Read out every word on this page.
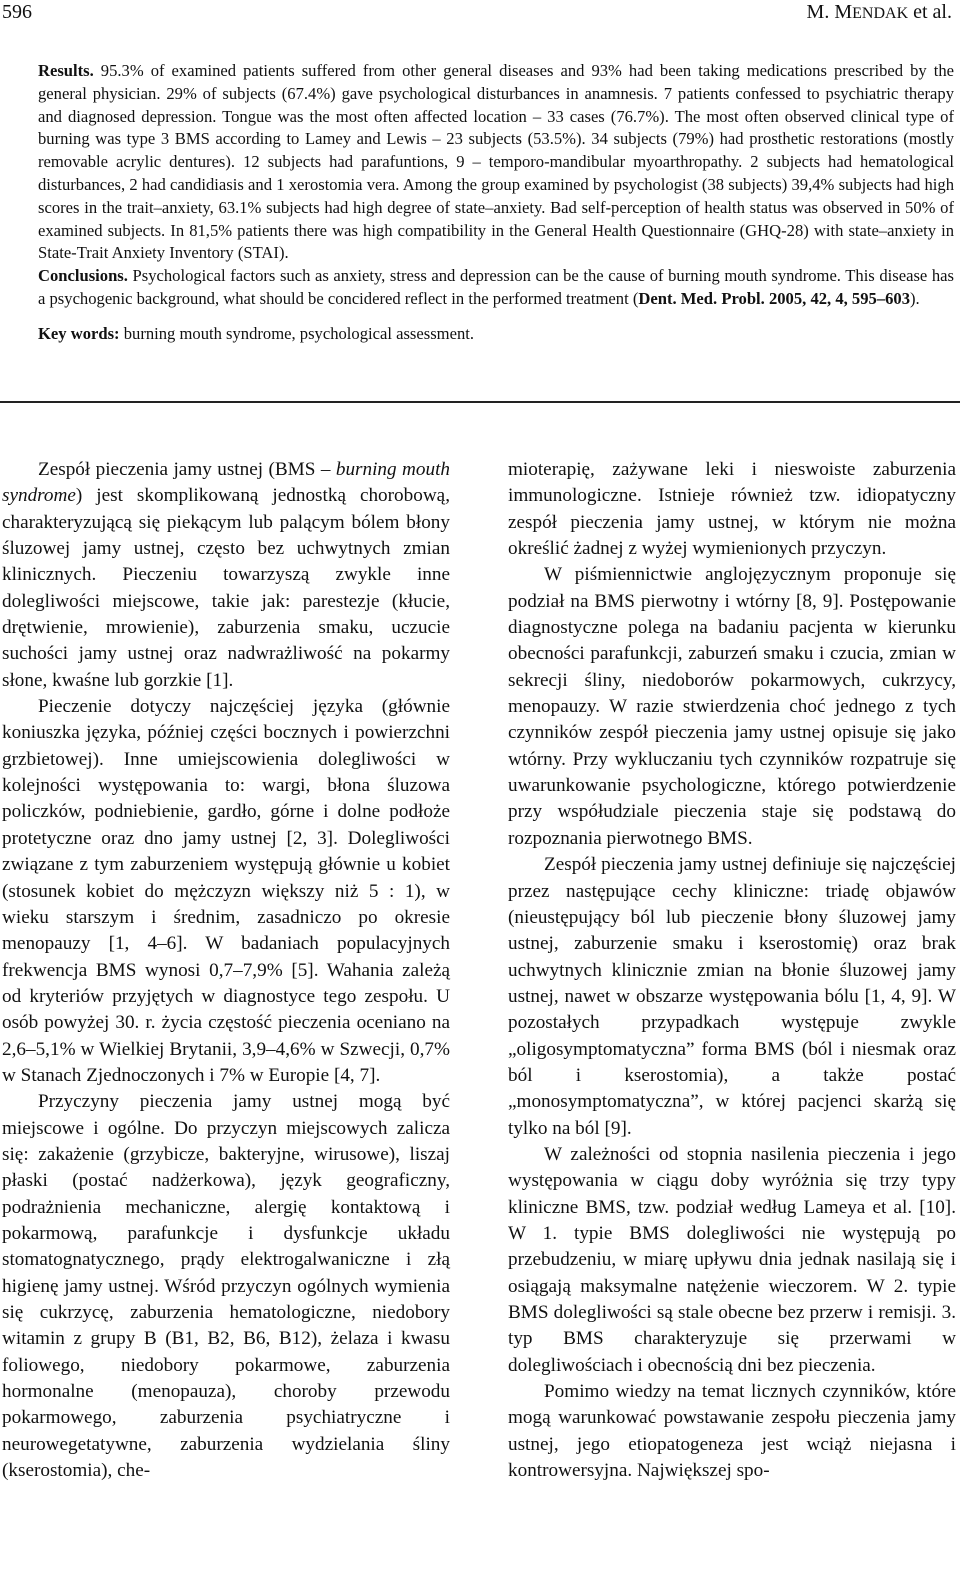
596	M. MENDAK et al.

Results. 95.3% of examined patients suffered from other general diseases and 93% had been taking medications prescribed by the general physician. 29% of subjects (67.4%) gave psychological disturbances in anamnesis. 7 patients confessed to psychiatric therapy and diagnosed depression. Tongue was the most often affected location – 33 cases (76.7%). The most often observed clinical type of burning was type 3 BMS according to Lamey and Lewis – 23 subjects (53.5%). 34 subjects (79%) had prosthetic restorations (mostly removable acrylic dentures). 12 subjects had parafuntions, 9 – temporo-mandibular myoarthropathy. 2 subjects had hematological disturbances, 2 had candidiasis and 1 xerostomia vera. Among the group examined by psychologist (38 subjects) 39,4% subjects had high scores in the trait–anxiety, 63.1% subjects had high degree of state–anxiety. Bad self-perception of health status was observed in 50% of examined subjects. In 81,5% patients there was high compatibility in the General Health Questionnaire (GHQ-28) with state–anxiety in State-Trait Anxiety Inventory (STAI).

Conclusions. Psychological factors such as anxiety, stress and depression can be the cause of burning mouth syndrome. This disease has a psychogenic background, what should be concidered reflect in the performed treatment (Dent. Med. Probl. 2005, 42, 4, 595–603).

Key words: burning mouth syndrome, psychological assessment.

Zespół pieczenia jamy ustnej (BMS – burning mouth syndrome) jest skomplikowaną jednostką chorobową, charakteryzującą się piekącym lub palącym bólem błony śluzowej jamy ustnej, często bez uchwytnych zmian klinicznych. Pieczeniu towarzyszą zwykle inne dolegliwości miejscowe, takie jak: parestezje (kłucie, drętwienie, mrowienie), zaburzenia smaku, uczucie suchości jamy ustnej oraz nadwrażliwość na pokarmy słone, kwaśne lub gorzkie [1].

Pieczenie dotyczy najczęściej języka (głównie koniuszka języka, później części bocznych i powierzchni grzbietowej). Inne umiejscowienia dolegliwości w kolejności występowania to: wargi, błona śluzowa policzków, podniebienie, gardło, górne i dolne podłoże protetyczne oraz dno jamy ustnej [2, 3]. Dolegliwości związane z tym zaburzeniem występują głównie u kobiet (stosunek kobiet do mężczyzn większy niż 5 : 1), w wieku starszym i średnim, zasadniczo po okresie menopauzy [1, 4–6]. W badaniach populacyjnych frekwencja BMS wynosi 0,7–7,9% [5]. Wahania zależą od kryteriów przyjętych w diagnostyce tego zespołu. U osób powyżej 30. r. życia częstość pieczenia oceniano na 2,6–5,1% w Wielkiej Brytanii, 3,9–4,6% w Szwecji, 0,7% w Stanach Zjednoczonych i 7% w Europie [4, 7].

Przyczyny pieczenia jamy ustnej mogą być miejscowe i ogólne. Do przyczyn miejscowych zalicza się: zakażenie (grzybicze, bakteryjne, wirusowe), liszaj płaski (postać nadżerkowa), język geograficzny, podrażnienia mechaniczne, alergię kontaktową i pokarmową, parafunkcje i dysfunkcje układu stomatognatycznego, prądy elektrogalwaniczne i złą higienę jamy ustnej. Wśród przyczyn ogólnych wymienia się cukrzycę, zaburzenia hematologiczne, niedobory witamin z grupy B (B1, B2, B6, B12), żelaza i kwasu foliowego, niedobory pokarmowe, zaburzenia hormonalne (menopauza), choroby przewodu pokarmowego, zaburzenia psychiatryczne i neurowegetatywne, zaburzenia wydzielania śliny (kserostomia), che-

mioterapię, zażywane leki i nieswoiste zaburzenia immunologiczne. Istnieje również tzw. idiopatyczny zespół pieczenia jamy ustnej, w którym nie można określić żadnej z wyżej wymienionych przyczyn.

W piśmiennictwie anglojęzycznym proponuje się podział na BMS pierwotny i wtórny [8, 9]. Postępowanie diagnostyczne polega na badaniu pacjenta w kierunku obecności parafunkcji, zaburzeń smaku i czucia, zmian w sekrecji śliny, niedoborów pokarmowych, cukrzycy, menopauzy. W razie stwierdzenia choć jednego z tych czynników zespół pieczenia jamy ustnej opisuje się jako wtórny. Przy wykluczaniu tych czynników rozpatruje się uwarunkowanie psychologiczne, którego potwierdzenie przy współudziale pieczenia staje się podstawą do rozpoznania pierwotnego BMS.

Zespół pieczenia jamy ustnej definiuje się najczęściej przez następujące cechy kliniczne: triadę objawów (nieustępujący ból lub pieczenie błony śluzowej jamy ustnej, zaburzenie smaku i kserostomię) oraz brak uchwytnych klinicznie zmian na błonie śluzowej jamy ustnej, nawet w obszarze występowania bólu [1, 4, 9]. W pozostałych przypadkach występuje zwykle „oligosymptomatyczna” forma BMS (ból i niesmak oraz ból i kserostomia), a także postać „monosymptomatyczna”, w której pacjenci skarżą się tylko na ból [9].

W zależności od stopnia nasilenia pieczenia i jego występowania w ciągu doby wyróżnia się trzy typy kliniczne BMS, tzw. podział według Lameya et al. [10]. W 1. typie BMS dolegliwości nie występują po przebudzeniu, w miarę upływu dnia jednak nasilają się i osiągają maksymalne natężenie wieczorem. W 2. typie BMS dolegliwości są stale obecne bez przerw i remisji. 3. typ BMS charakteryzuje się przerwami w dolegliwościach i obecnością dni bez pieczenia.

Pomimo wiedzy na temat licznych czynników, które mogą warunkować powstawanie zespołu pieczenia jamy ustnej, jego etiopatogeneza jest wciąż niejasna i kontrowersyjna. Największej spo-
